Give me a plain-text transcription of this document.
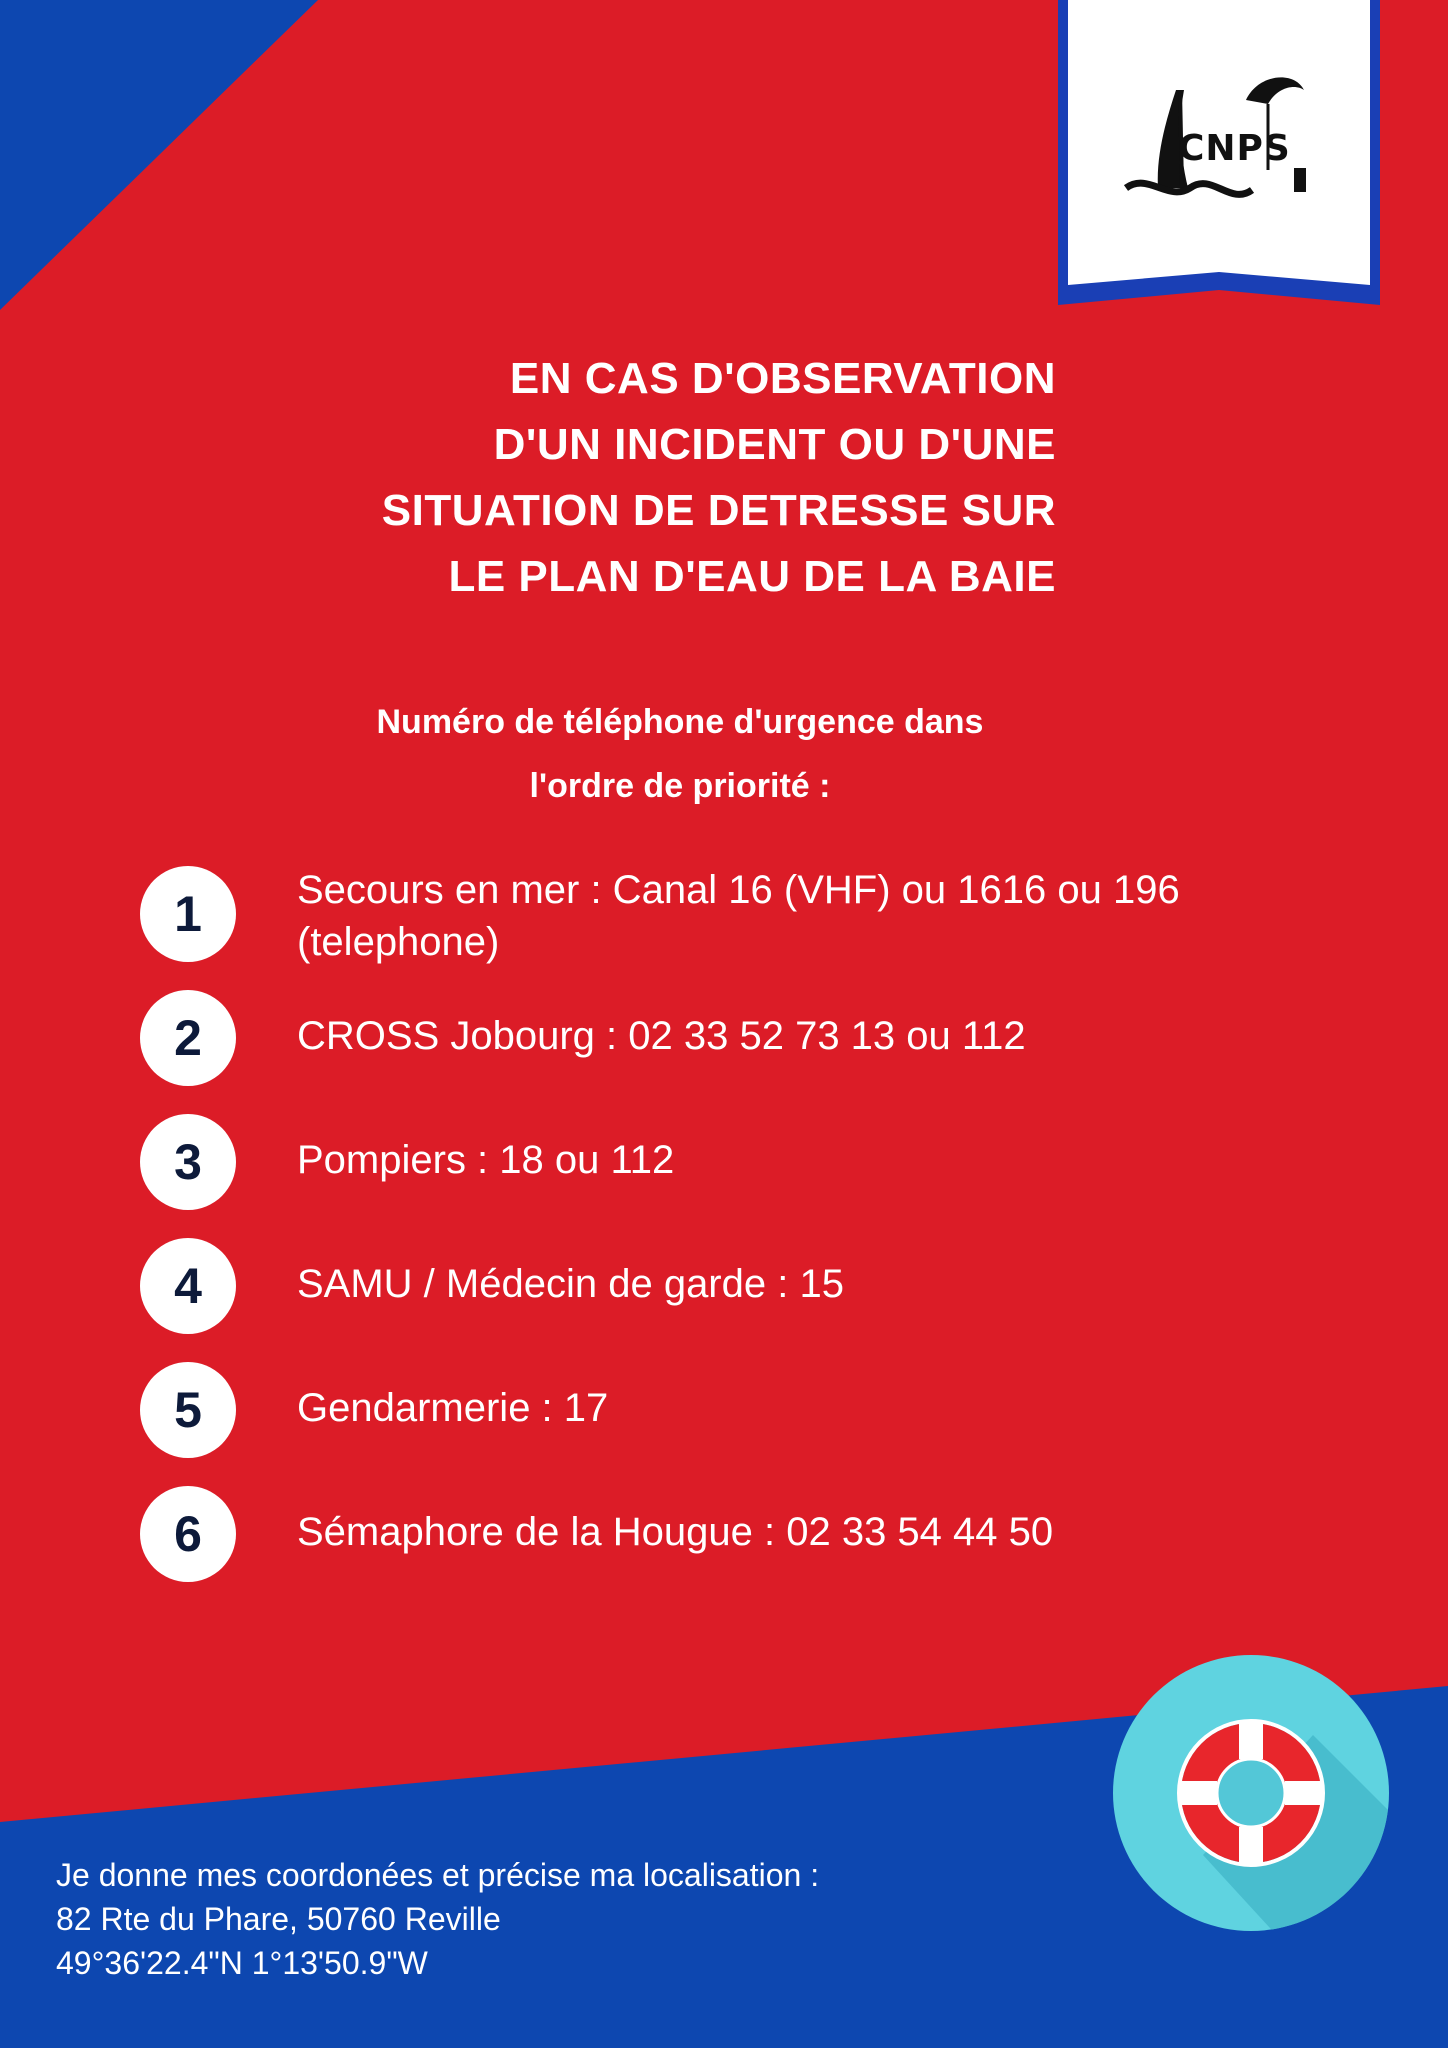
CNPS
EN CAS D'OBSERVATION
D'UN INCIDENT OU D'UNE
SITUATION DE DETRESSE SUR
LE PLAN D'EAU DE LA BAIE
Numéro de téléphone d'urgence dans
l'ordre de priorité :
1	Secours en mer : Canal 16 (VHF) ou 1616 ou 196 (telephone)
2	CROSS Jobourg : 02 33 52 73 13 ou 112
3	Pompiers : 18 ou 112
4	SAMU / Médecin de garde : 15
5	Gendarmerie : 17
6	Sémaphore de la Hougue : 02 33 54 44 50
Je donne mes coordonées et précise ma localisation :
82 Rte du Phare, 50760 Reville
49°36'22.4"N 1°13'50.9"W
